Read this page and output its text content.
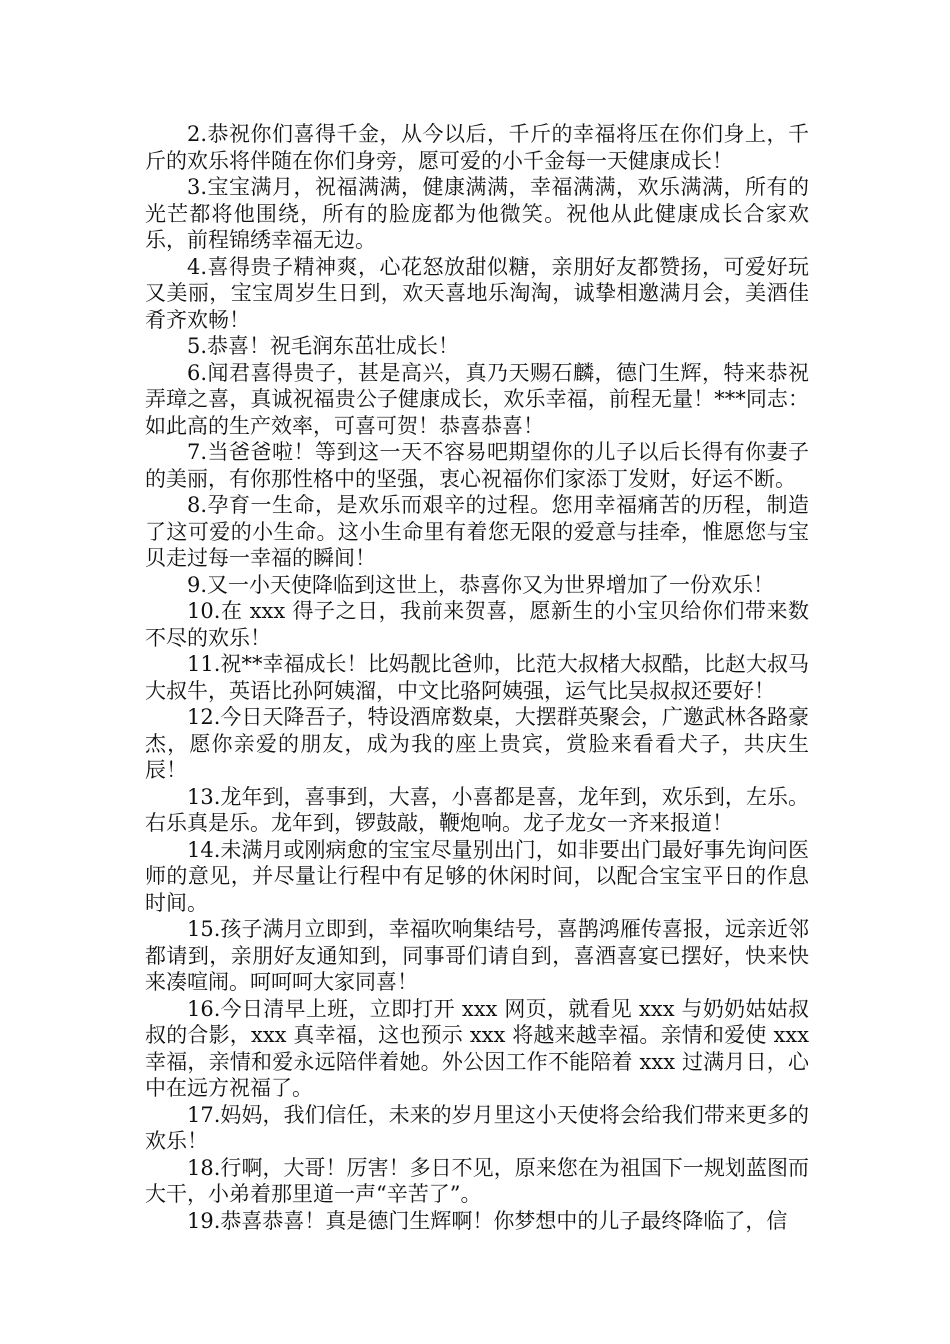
2.恭祝你们喜得千金，从今以后，千斤的幸福将压在你们身上，千斤的欢乐将伴随在你们身旁，愿可爱的小千金每一天健康成长！

3.宝宝满月，祝福满满，健康满满，幸福满满，欢乐满满，所有的光芒都将他围绕，所有的脸庞都为他微笑。祝他从此健康成长合家欢乐，前程锦绣幸福无边。

4.喜得贵子精神爽，心花怒放甜似糖，亲朋好友都赞扬，可爱好玩又美丽，宝宝周岁生日到，欢天喜地乐淘淘，诚挚相邀满月会，美酒佳肴齐欢畅！

5.恭喜！祝毛润东茁壮成长！

6.闻君喜得贵子，甚是高兴，真乃天赐石麟，德门生辉，特来恭祝弄璋之喜，真诚祝福贵公子健康成长，欢乐幸福，前程无量！***同志：如此高的生产效率，可喜可贺！恭喜恭喜！

7.当爸爸啦！等到这一天不容易吧期望你的儿子以后长得有你妻子的美丽，有你那性格中的坚强，衷心祝福你们家添丁发财，好运不断。

8.孕育一生命，是欢乐而艰辛的过程。您用幸福痛苦的历程，制造了这可爱的小生命。这小生命里有着您无限的爱意与挂牵，惟愿您与宝贝走过每一幸福的瞬间！

9.又一小天使降临到这世上，恭喜你又为世界增加了一份欢乐！

10.在 xxx 得子之日，我前来贺喜，愿新生的小宝贝给你们带来数不尽的欢乐！

11.祝**幸福成长！比妈靓比爸帅，比范大叔楮大叔酷，比赵大叔马大叔牛，英语比孙阿姨溜，中文比骆阿姨强，运气比吴叔叔还要好！

12.今日天降吾子，特设酒席数桌，大摆群英聚会，广邀武林各路豪杰，愿你亲爱的朋友，成为我的座上贵宾，赏脸来看看犬子，共庆生辰！

13.龙年到，喜事到，大喜，小喜都是喜，龙年到，欢乐到，左乐。右乐真是乐。龙年到，锣鼓敲，鞭炮响。龙子龙女一齐来报道！

14.未满月或刚病愈的宝宝尽量别出门，如非要出门最好事先询问医师的意见，并尽量让行程中有足够的休闲时间，以配合宝宝平日的作息时间。

15.孩子满月立即到，幸福吹响集结号，喜鹊鸿雁传喜报，远亲近邻都请到，亲朋好友通知到，同事哥们请自到，喜酒喜宴已摆好，快来快来凑喧闹。呵呵呵大家同喜！

16.今日清早上班，立即打开 xxx 网页，就看见 xxx 与奶奶姑姑叔叔的合影，xxx 真幸福，这也预示 xxx 将越来越幸福。亲情和爱使 xxx 幸福，亲情和爱永远陪伴着她。外公因工作不能陪着 xxx 过满月日，心中在远方祝福了。

17.妈妈，我们信任，未来的岁月里这小天使将会给我们带来更多的欢乐！

18.行啊，大哥！厉害！多日不见，原来您在为祖国下一规划蓝图而大干，小弟着那里道一声“辛苦了”。

19.恭喜恭喜！真是德门生辉啊！你梦想中的儿子最终降临了，信
